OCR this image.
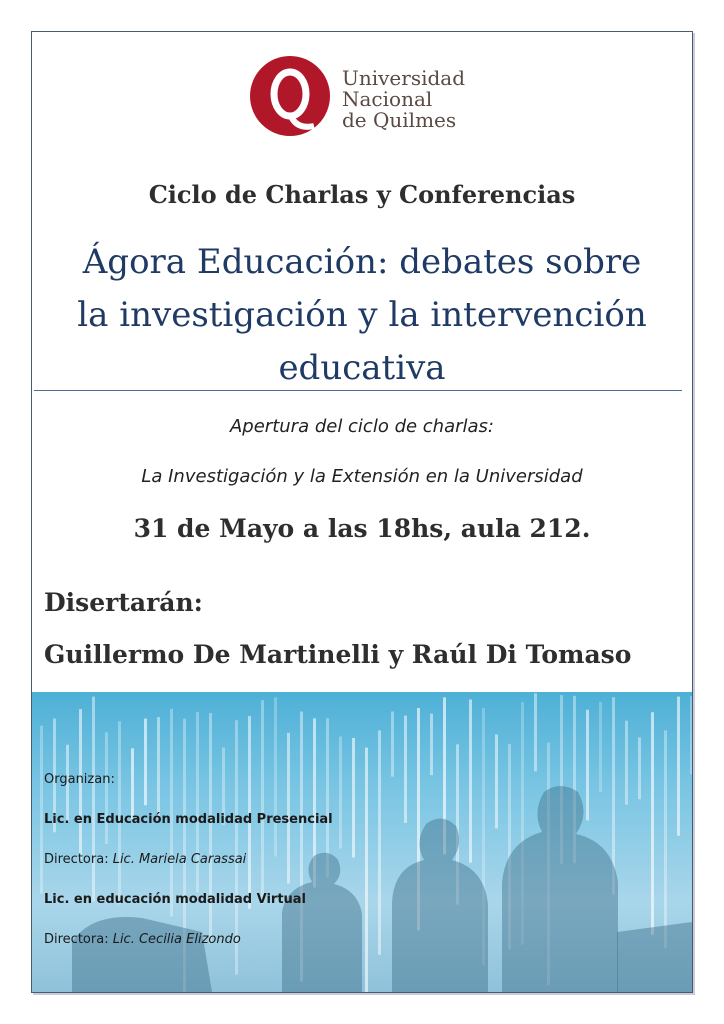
Universidad
Nacional
de Quilmes
Ciclo de Charlas y Conferencias
Ágora Educación: debates sobre
la investigación y la intervención
educativa
Apertura del ciclo de charlas:
La Investigación y la Extensión en la Universidad
31 de Mayo a las 18hs, aula 212.
Disertarán:
Guillermo De Martinelli y Raúl Di Tomaso
Organizan:
Lic. en Educación modalidad Presencial
Directora: Lic. Mariela Carassai
Lic. en educación modalidad Virtual
Directora: Lic. Cecilia Elizondo
